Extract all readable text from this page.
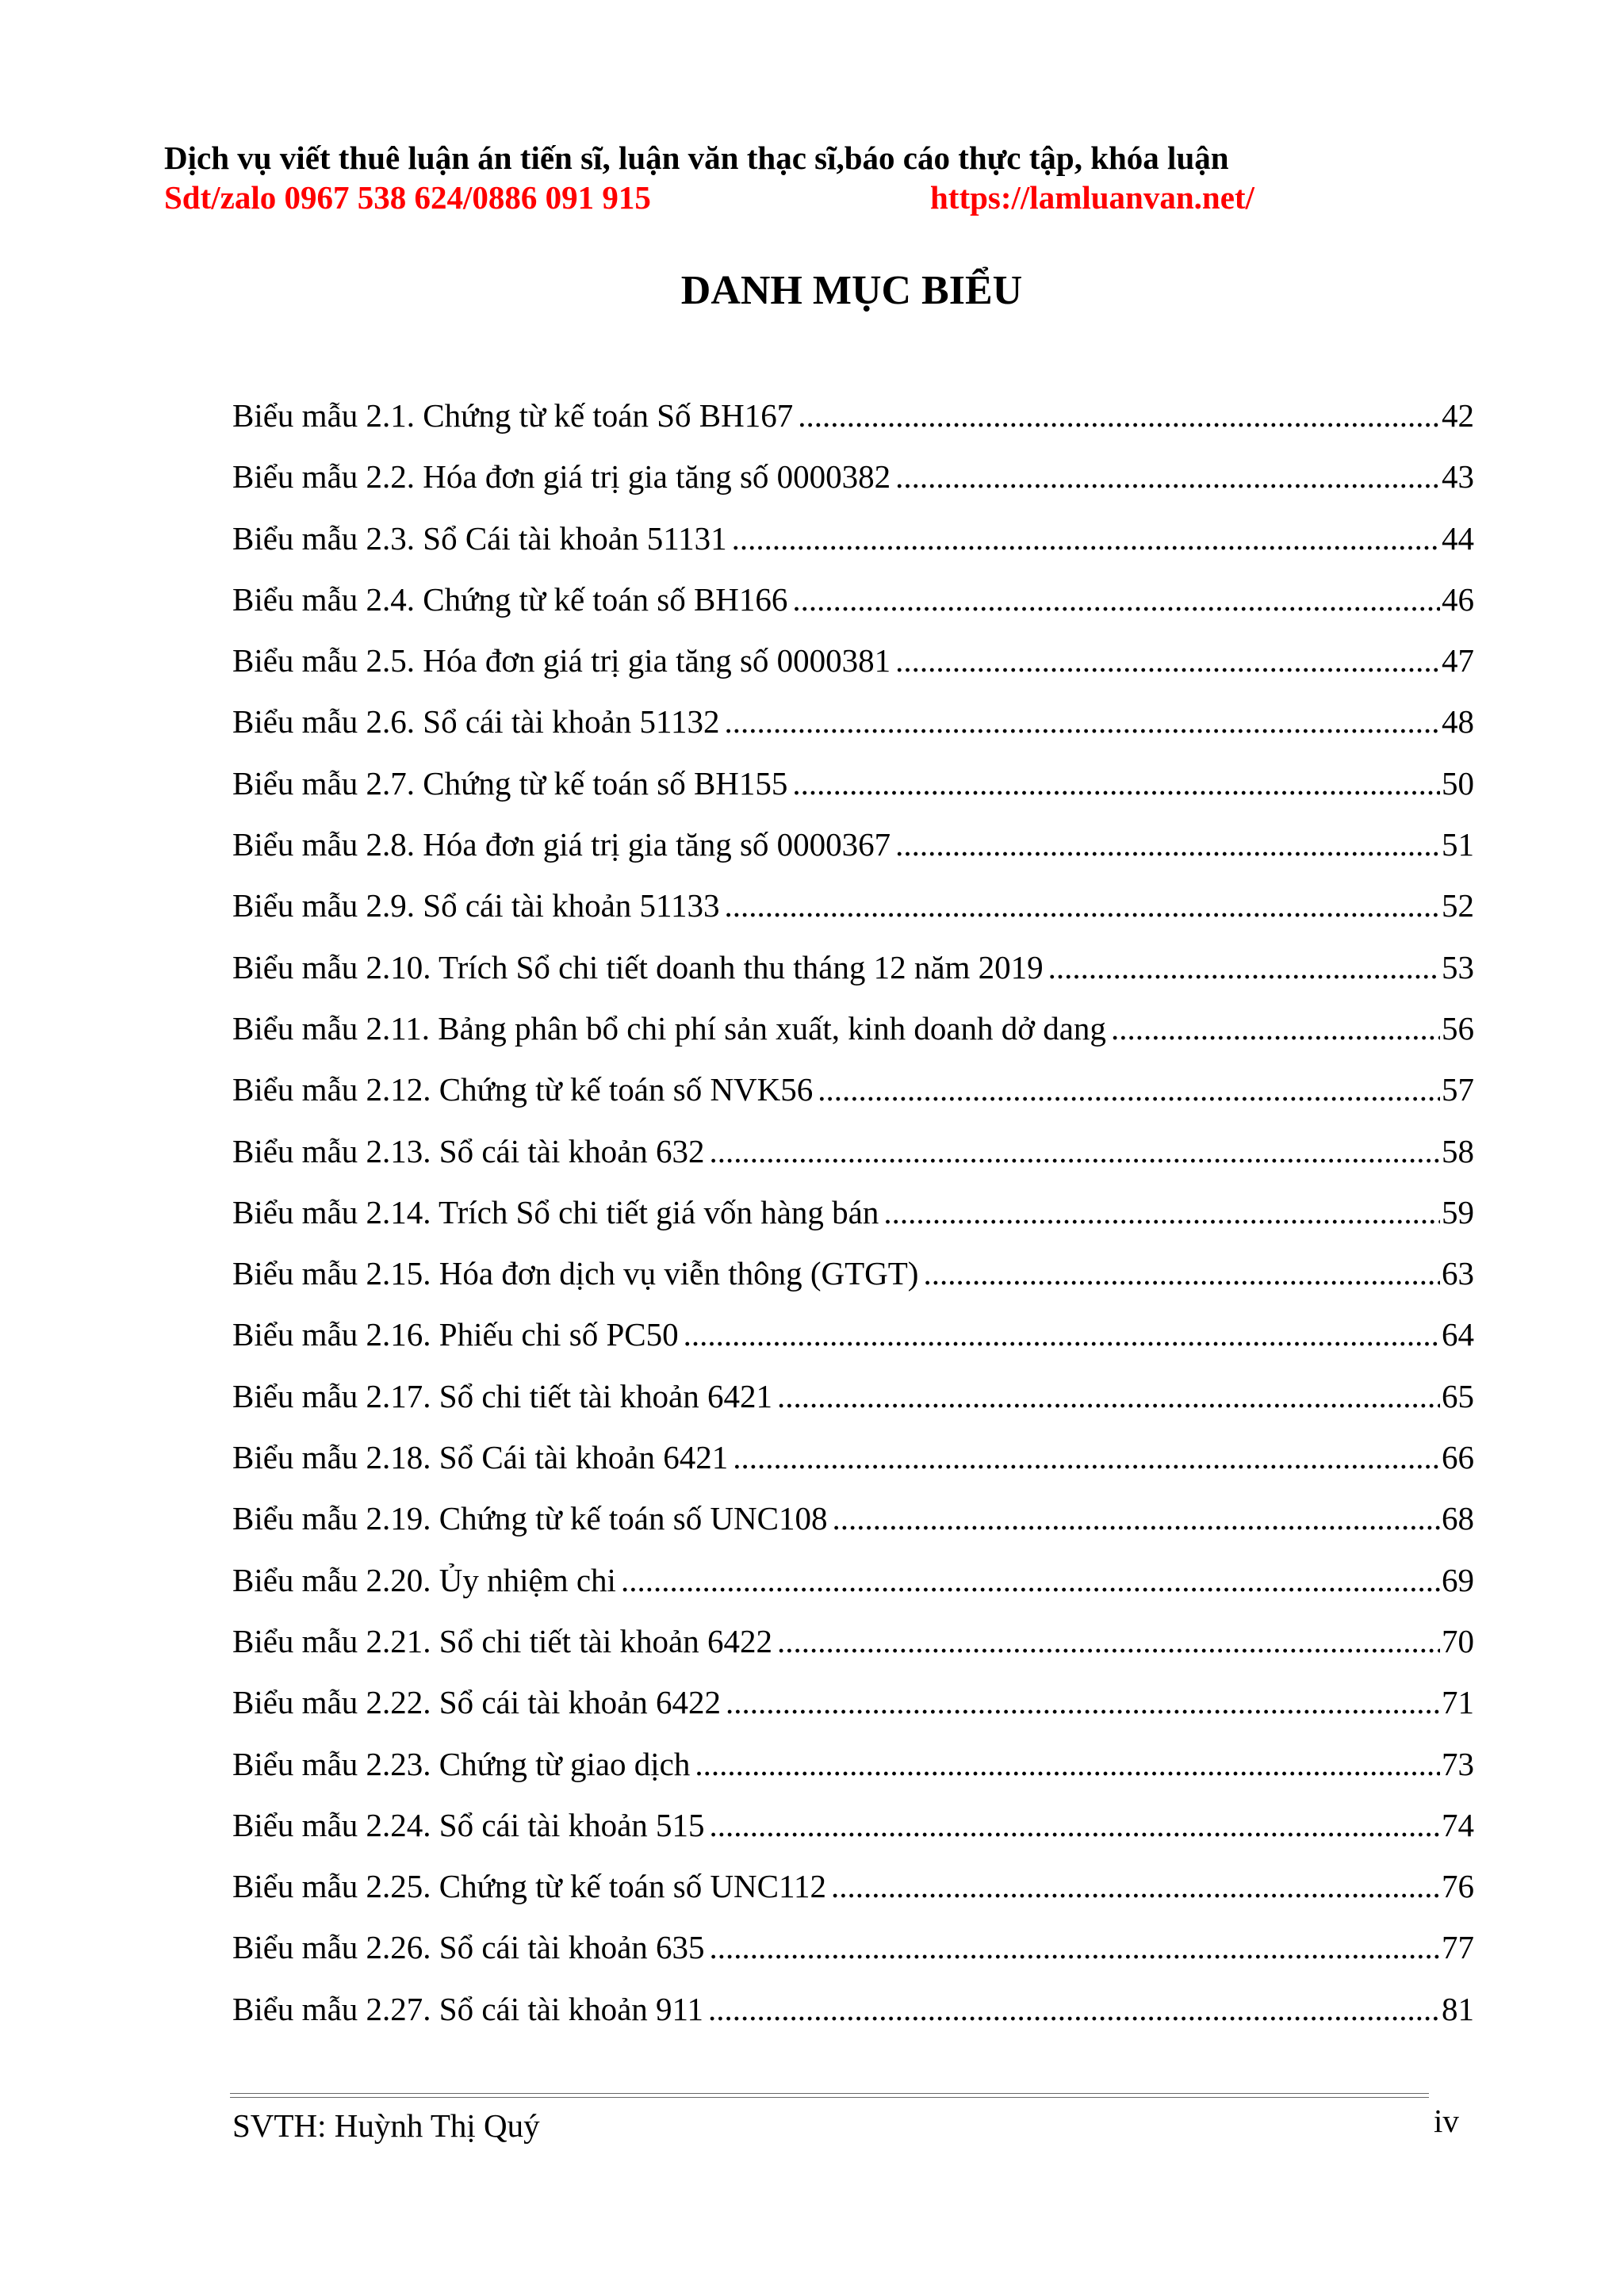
Dịch vụ viết thuê luận án tiến sĩ, luận văn thạc sĩ,báo cáo thực tập, khóa luận
Sdt/zalo 0967 538 624/0886 091 915	https://lamluanvan.net/
DANH MỤC BIỂU
Biểu mẫu 2.1. Chứng từ kế toán Số BH167 .....	42
Biểu mẫu 2.2. Hóa đơn giá trị gia tăng số 0000382 .....	43
Biểu mẫu 2.3. Sổ Cái tài khoản 51131 .....	44
Biểu mẫu 2.4. Chứng từ kế toán số BH166 .....	46
Biểu mẫu 2.5. Hóa đơn giá trị gia tăng số 0000381 .....	47
Biểu mẫu 2.6. Sổ cái tài khoản 51132 .....	48
Biểu mẫu 2.7. Chứng từ kế toán số BH155 .....	50
Biểu mẫu 2.8. Hóa đơn giá trị gia tăng số 0000367 .....	51
Biểu mẫu 2.9. Sổ cái tài khoản 51133 .....	52
Biểu mẫu 2.10. Trích Sổ chi tiết doanh thu tháng 12 năm 2019 .....	53
Biểu mẫu 2.11. Bảng phân bổ chi phí sản xuất, kinh doanh dở dang .....	56
Biểu mẫu 2.12. Chứng từ kế toán số NVK56 .....	57
Biểu mẫu 2.13. Sổ cái tài khoản 632 .....	58
Biểu mẫu 2.14. Trích Sổ chi tiết giá vốn hàng bán .....	59
Biểu mẫu 2.15. Hóa đơn dịch vụ viễn thông (GTGT) .....	63
Biểu mẫu 2.16. Phiếu chi số PC50 .....	64
Biểu mẫu 2.17. Sổ chi tiết tài khoản 6421 .....	65
Biểu mẫu 2.18. Sổ Cái tài khoản 6421 .....	66
Biểu mẫu 2.19. Chứng từ kế toán số UNC108 .....	68
Biểu mẫu 2.20. Ủy nhiệm chi .....	69
Biểu mẫu 2.21. Sổ chi tiết tài khoản 6422 .....	70
Biểu mẫu 2.22. Sổ cái tài khoản 6422 .....	71
Biểu mẫu 2.23. Chứng từ giao dịch .....	73
Biểu mẫu 2.24. Sổ cái tài khoản 515 .....	74
Biểu mẫu 2.25. Chứng từ kế toán số UNC112 .....	76
Biểu mẫu 2.26. Sổ cái tài khoản 635 .....	77
Biểu mẫu 2.27. Sổ cái tài khoản 911 .....	81
SVTH: Huỳnh Thị Quý	iv
